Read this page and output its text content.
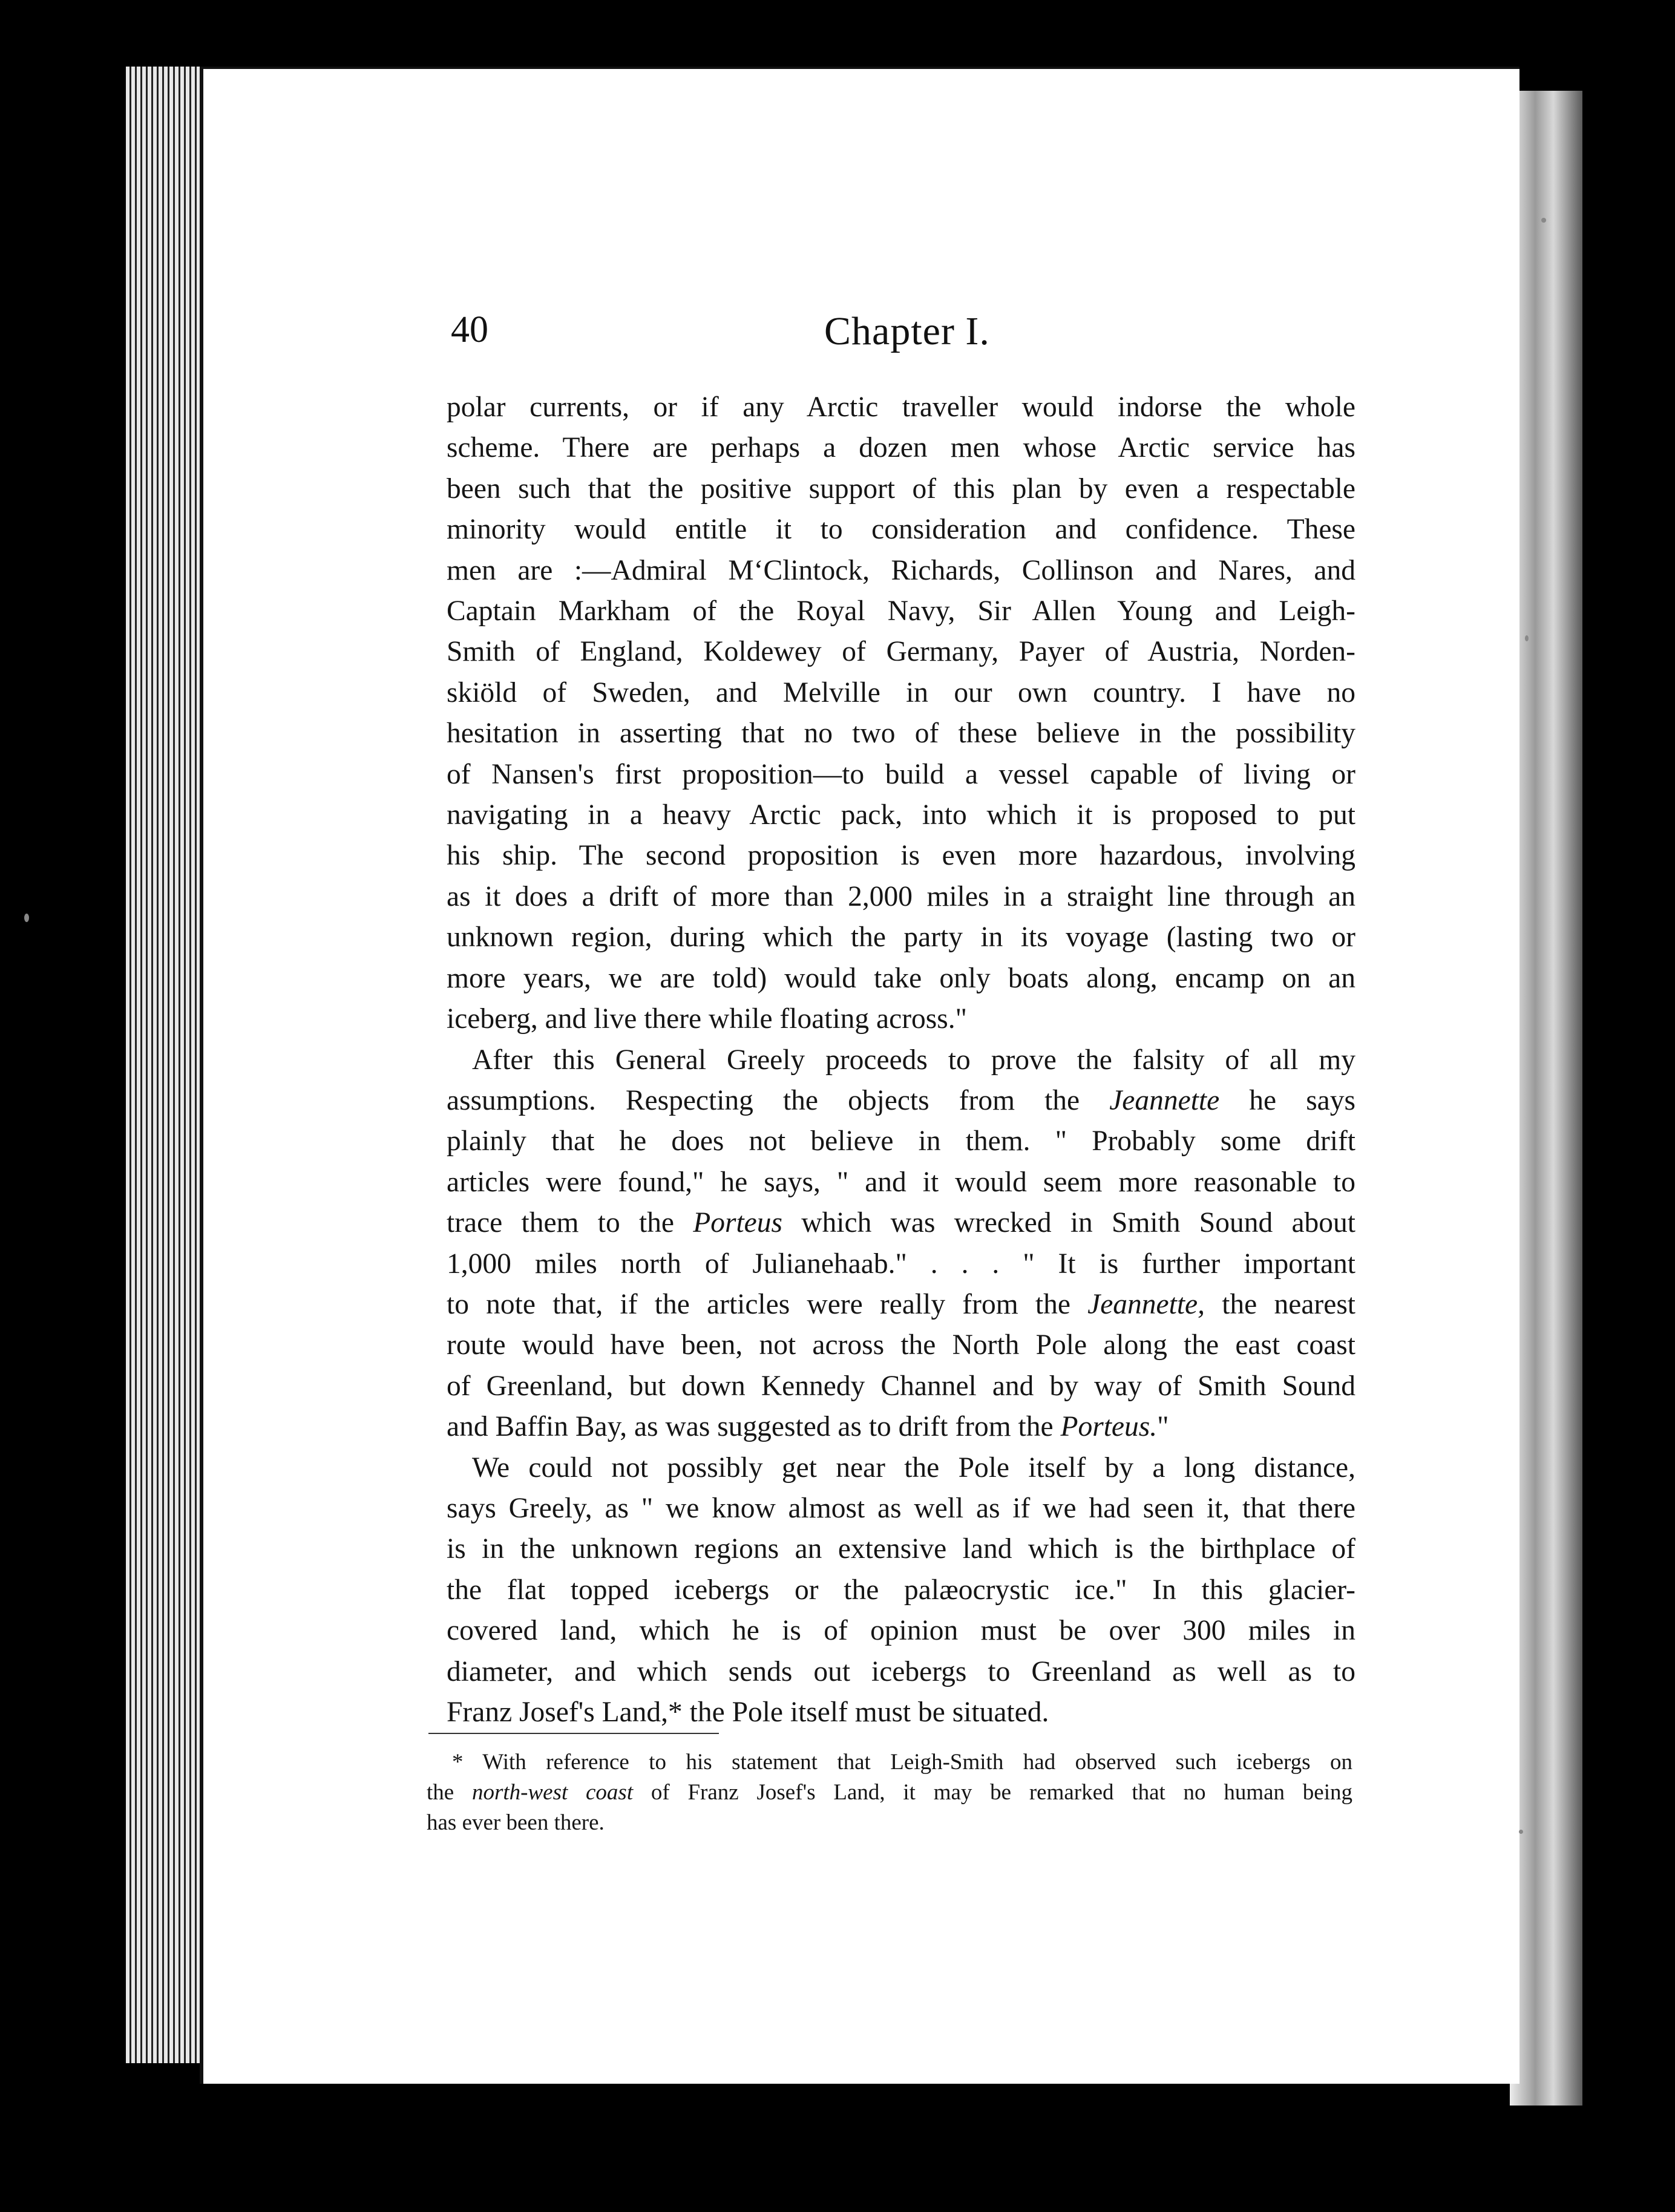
40	Chapter I.
polar currents, or if any Arctic traveller would indorse the whole
scheme. There are perhaps a dozen men whose Arctic service has
been such that the positive support of this plan by even a respectable
minority would entitle it to consideration and confidence. These
men are :—Admiral M‘Clintock, Richards, Collinson and Nares, and
Captain Markham of the Royal Navy, Sir Allen Young and Leigh-
Smith of England, Koldewey of Germany, Payer of Austria, Norden-
skiöld of Sweden, and Melville in our own country. I have no
hesitation in asserting that no two of these believe in the possibility
of Nansen's first proposition—to build a vessel capable of living or
navigating in a heavy Arctic pack, into which it is proposed to put
his ship. The second proposition is even more hazardous, involving
as it does a drift of more than 2,000 miles in a straight line through an
unknown region, during which the party in its voyage (lasting two or
more years, we are told) would take only boats along, encamp on an
iceberg, and live there while floating across."
After this General Greely proceeds to prove the falsity of all my
assumptions. Respecting the objects from the Jeannette he says
plainly that he does not believe in them. " Probably some drift
articles were found," he says, " and it would seem more reasonable to
trace them to the Porteus which was wrecked in Smith Sound about
1,000 miles north of Julianehaab." . . . " It is further important
to note that, if the articles were really from the Jeannette, the nearest
route would have been, not across the North Pole along the east coast
of Greenland, but down Kennedy Channel and by way of Smith Sound
and Baffin Bay, as was suggested as to drift from the Porteus."
We could not possibly get near the Pole itself by a long distance,
says Greely, as " we know almost as well as if we had seen it, that there
is in the unknown regions an extensive land which is the birthplace of
the flat topped icebergs or the palæocrystic ice." In this glacier-
covered land, which he is of opinion must be over 300 miles in
diameter, and which sends out icebergs to Greenland as well as to
Franz Josef's Land,* the Pole itself must be situated.
* With reference to his statement that Leigh-Smith had observed such icebergs on
the north-west coast of Franz Josef's Land, it may be remarked that no human being
has ever been there.
